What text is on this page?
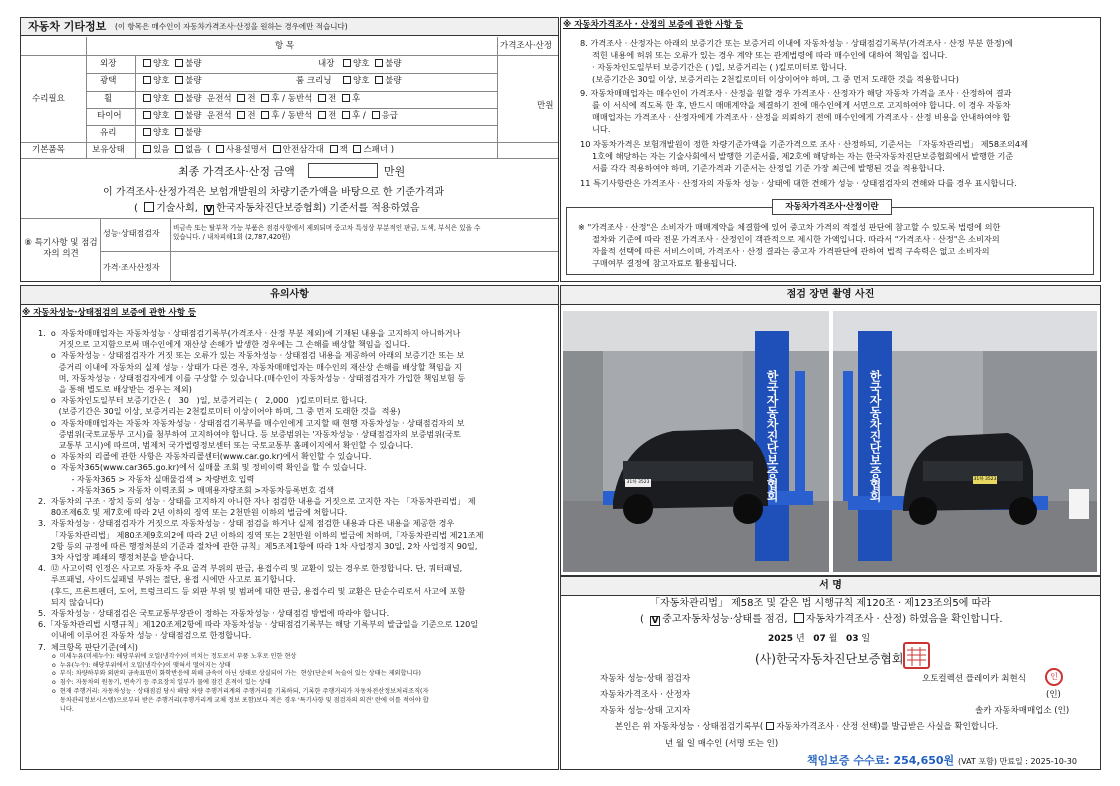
자동차 기타정보 (이 항목은 매수인이 자동차가격조사·산정을 원하는 경우에만 적습니다)
항 목	가격조사·산정
수리필요
만원
외장	양호 불량	내장	양호 불량
광택	양호 불량	룸 크리닝	양호 불량
휠	양호 불량 운전석 전 후 / 동반석 전 후
타이어	양호 불량 운전석 전 후 / 동반석 전 후 / 응급
유리	양호 불량
기본품목	보유상태	있음 없음  ( 사용설명서 안전삼각대 잭 스패너 )
최종 가격조사·산정 금액	만원
이 가격조사·산정가격은 보험개발원의 차량기준가액을 바탕으로 한 기준가격과
( 기술사회, V 한국자동차진단보증협회) 기준서를 적용하였음
⑧ 특기사항 및 점검자의 의견
성능·상태점검자
비금속 또는 탈부착 가능 부품은 점검사항에서 제외되며 중고차 특성상 부분적인 판금, 도색, 부식은 있을 수
있습니다. / 내차피해1회 (2,787,420원)
가격·조사산정자
※ 자동차가격조사 · 산정의 보증에 관한 사항 등
8. 가격조사 · 산정자는 아래의 보증기간 또는 보증거리 이내에 자동차성능 · 상태점검기록부(가격조사 · 산정 부분 한정)에
적힌 내용에 허위 또는 오류가 있는 경우 계약 또는 관계법령에 따라 매수인에 대하여 책임을 집니다.
· 자동차인도일부터 보증기간은 ( )일, 보증거리는 ( )킬로미터로 합니다.
(보증기간은 30일 이상, 보증거리는 2천킬로미터 이상이어야 하며, 그 중 먼저 도래한 것을 적용합니다)
9. 자동차매매업자는 매수인이 가격조사 · 산정을 원할 경우 가격조사 · 산정자가 해당 자동차 가격을 조사 · 산정하여 결과
를 이 서식에 적도록 한 후, 반드시 매매계약을 체결하기 전에 매수인에게 서면으로 고지하여야 합니다. 이 경우 자동차
매매업자는 가격조사 · 산정자에게 가격조사 · 산정을 의뢰하기 전에 매수인에게 가격조사 · 산정 비용을 안내하여야 합
니다.
10 자동차가격은 보험개발원이 정한 차량기준가액을 기준가격으로 조사 · 산정하되, 기준서는 「자동차관리법」 제58조의4제
1호에 해당하는 자는 기술사회에서 발행한 기준서를, 제2호에 해당하는 자는 한국자동차진단보증협회에서 발행한 기준
서를 각각 적용하여야 하며, 기준가격과 기준서는 산정일 기준 가장 최근에 발행된 것을 적용합니다.
11 특기사항란은 가격조사 · 산정자의 자동차 성능 · 상태에 대한 견해가 성능 · 상태점검자의 견해와 다를 경우 표시합니다.
자동차가격조사·산정이란
※ "가격조사 · 산정"은 소비자가 매매계약을 체결함에 있어 중고차 가격의 적절성 판단에 참고할 수 있도록 법령에 의한
절차와 기준에 따라 전문 가격조사 · 산정인이 객관적으로 제시한 가액입니다. 따라서 "가격조사 · 산정"은 소비자의
자율적 선택에 따른 서비스이며, 가격조사 · 산정 결과는 중고자 가격판단에 관하여 법적 구속력은 없고 소비자의
구매여부 결정에 참고자료로 활용됩니다.
유의사항
※ 자동차성능·상태점검의 보증에 관한 사항 등
1.  o  자동차매매업자는 자동차성능 · 상태점검기록부(가격조사 · 산정 부분 제외)에 기재된 내용을 고지하지 아니하거나
거짓으로 고지함으로써 매수인에게 재산상 손해가 발생한 경우에는 그 손해를 배상할 책임을 집니다.
o  자동차성능 · 상태점검자가 거짓 또는 오류가 있는 자동차성능 · 상태점검 내용을 제공하여 아래의 보증기간 또는 보
증거리 이내에 자동차의 실제 성능 · 상태가 다른 경우, 자동차매매업자는 매수인의 재산상 손해를 배상할 책임을 지
며, 자동차성능 · 상태점검자에게 이를 구상할 수 있습니다.(매수인이 자동차성능 · 상태점검자가 가입한 책임보험 등
을 통해 별도로 배상받는 경우는 제외)
o  자동차인도일부터 보증기간은 (   30   )일, 보증거리는 (   2,000   )킬로미터로 합니다.
(보증기간은 30일 이상, 보증거리는 2천킬로미터 이상이어야 하며, 그 중 먼저 도래한 것을  적용)
o  자동차매매업자는 자동차 자동차성능 · 상태점검기록부를 매수인에게 고지할 때 현행 자동차성능 · 상태점검자의 보
증범위(국토교통부 고시)를 첨부하여 고지하여야 합니다. 등 보증범위는 '자동차성능 · 상태점검자의 보증범위(국토
교통부 고시)에 따르며, 범제처 국가법령정보센터 또는 국토교통부 홈페이지에서 확인할 수 있습니다.
o  자동차의 리콜에 관한 사항은 자동차리콜센터(www.car.go.kr)에서 확인할 수 있습니다.
o  자동차365(www.car365.go.kr)에서 실매물 조회 및 정비이력 확인을 할 수 있습니다.
- 자동차365 > 자동차 실매물검색 > 차량번호 입력
- 자동차365 > 자동차 이력조회 > 매매용자량조회 >자동차등록번호 검색
2.  자동차의 구조 · 장치 등의 성능 · 상태를 고지하지 아니한 자나 점검한 내용을 거짓으로 고지한 자는 「자동차관리법」 제
80조제6호 및 제7호에 따라 2년 이하의 징역 또는 2천만원 이하의 벌금에 처합니다.
3.  자동차성능 · 상태점검자가 거짓으로 자동차성능 · 상태 점검을 하거나 실제 점검한 내용과 다른 내용을 제공한 경우
「자동차관리법」 제80조제9호의2에 따라 2년 이하의 징역 또는 2천만원 이하의 벌금에 처하며,「자동차관리법 제21조제
2항 등의 규정에 따른 행정처분의 기준과 절차에 관한 규칙」제5조제1항에 따라 1차 사업정지 30일, 2차 사업정지 90일,
3차 사업장 폐쇄의 행정처분을 받습니다.
4.  ⑫ 사고이력 인정은 사고로 자동차 주요 골격 부위의 판금, 용접수리 및 교환이 있는 경우로 한정합니다. 단, 쿼터패널,
루프패널, 사이드실패널 부위는 절단, 용접 시에만 사고로 표기합니다.
(후드, 프론트펜더, 도어, 트렁크리드 등 외판 부위 및 범퍼에 대한 판금, 용접수리 및 교환은 단순수리로서 사고에 포함
되지 않습니다)
5.  자동차성능 · 상태점검은 국토교통부장관이 정하는 자동차성능 · 상태점검 방법에 따라야 합니다.
6.「자동차관리법 시행규칙」제120조제2항에 따라 자동차성능 · 상태점검기록부는 해당 기록부의 발급일을 기준으로 120일
이내에 이루어진 자동차 성능 · 상태점검으로 한정합니다.
7.  체크항목 판단기준(예시)
o  미세누유(미세누수): 해당부위에 오일(냉각수)이 비치는 정도로서 부품 노후로 인한 현상
o  누유(누수): 해당부위에서 오일(냉각수)이 맺혀서 떨어지는 상태
o  부식: 차량하부와 외판의 금속표면이 화학반응에 의해 금속이 아닌 상태로 상실되어 가는  현상(단순히 녹슬어 있는 상태는 제외합니다)
o  침수: 자동차의 원동기, 변속기 등 주요장치 일부가 물에 잠긴 흔적이 있는 상태
o  현재 주행거리: 자동차성능 · 상태점검 당시 해당 차량 주행거리계의 주행거리를 기록하되, 기록한 주행거리가 자동차전산정보처리조직(자
동차관리정보시스템)으로부터 받은 주행거리(주행거리계 교체 정보 포함)보다 적은 경우 '특기사항 및 점검자의 의견' 란에 이를 적어야 합
니다.
점검 장면 촬영 사진
한국자동차진단보증협회
31하 3523	한국자동차진단보증협회	31하 3523
서 명
「자동차관리법」 제58조 및 같은 법 시행규칙 제120조 · 제123조의5에 따라
( V 중고자동차성능·상태를 점검, 자동차가격조사 · 산정) 하였음을 확인합니다.
2025 년 07 월 03 일
(사)한국자동차진단보증협회
자동차 성능·상태 점검자	오토컬렉션 플레이카 최현식	인
자동차가격조사 · 산정자	(인)
자동차 성능·상태 고지자	솔카 자동차매매업소 (인)
본인은 위 자동차성능 · 상태점검기록부( 자동차가격조사 · 산정 선택)를 발급받은 사실을 확인합니다.
년 월 일 매수인 (서명 또는 인)
책임보증 수수료: 254,650원 (VAT 포함) 만료일 : 2025-10-30
